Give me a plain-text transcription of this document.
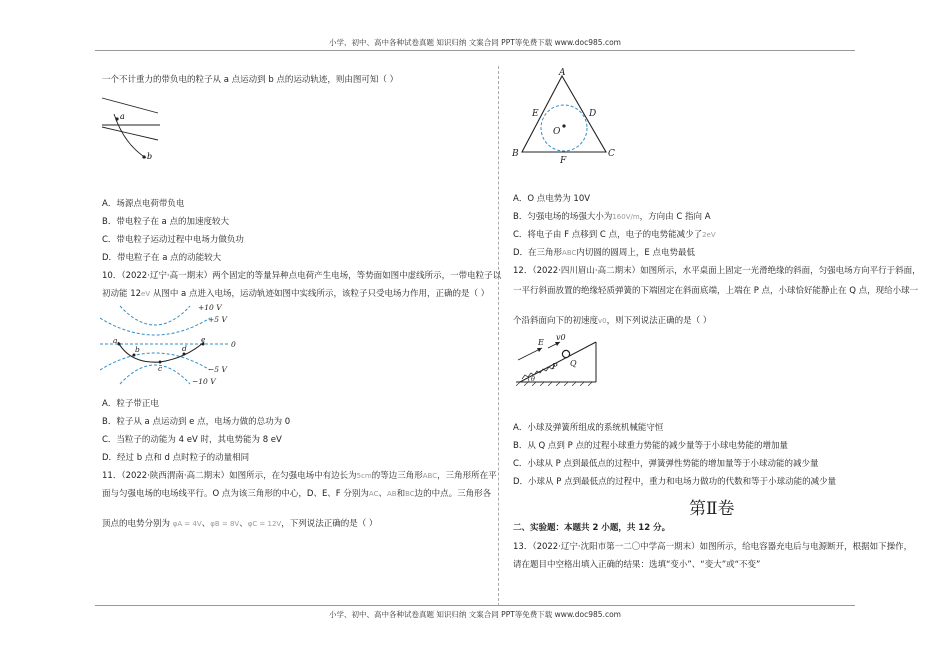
小学、初中、高中各种试卷真题 知识归纳 文案合同 PPT等免费下载 www.doc985.com
小学、初中、高中各种试卷真题 知识归纳 文案合同 PPT等免费下载 www.doc985.com
一个不计重力的带负电的粒子从 a 点运动到 b 点的运动轨迹，则由图可知（ ）
a
b
A．场源点电荷带负电
B．带电粒子在 a 点的加速度较大
C．带电粒子运动过程中电场力做负功
D．带电粒子在 a 点的动能较大
10．（2022·辽宁·高一期末）两个固定的等量异种点电荷产生电场，等势面如图中虚线所示，一带电粒子以
初动能 12eV 从图中 a 点进入电场，运动轨迹如图中实线所示，该粒子只受电场力作用，正确的是（ ）
a
b
c
d
e
+10 V
+5 V
0
−5 V
−10 V
A．粒子带正电
B．粒子从 a 点运动到 e 点，电场力做的总功为 0
C．当粒子的动能为 4 eV 时，其电势能为 8 eV
D．经过 b 点和 d 点时粒子的动量相同
11．（2022·陕西渭南·高二期末）如图所示，在匀强电场中有边长为5cm的等边三角形ABC，三角形所在平
面与匀强电场的电场线平行。O 点为该三角形的中心，D、E、F 分别为AC、AB和BC边的中点。三角形各
顶点的电势分别为 φA = 4V、φB = 8V、φC = 12V，下列说法正确的是（ ）
A
B	C
D
E
F
O
A．O 点电势为 10V
B．匀强电场的场强大小为160V/m，方向由 C 指向 A
C．将电子由 F 点移到 C 点，电子的电势能减少了2eV
D．在三角形ABC内切圆的圆周上，E 点电势最低
12．（2022·四川眉山·高二期末）如图所示，水平桌面上固定一光滑绝缘的斜面，匀强电场方向平行于斜面，
一平行斜面放置的绝缘轻质弹簧的下端固定在斜面底端，上端在 P 点，小球恰好能静止在 Q 点，现给小球一
个沿斜面向下的初速度v0，则下列说法正确的是（ ）
E
v0
Q
P
θ
A．小球及弹簧所组成的系统机械能守恒
B．从 Q 点到 P 点的过程小球重力势能的减少量等于小球电势能的增加量
C．小球从 P 点到最低点的过程中，弹簧弹性势能的增加量等于小球动能的减少量
D．小球从 P 点到最低点的过程中，重力和电场力做功的代数和等于小球动能的减少量
第Ⅱ卷
二、实验题：本题共 2 小题，共 12 分。
13．（2022·辽宁·沈阳市第一二〇中学高一期末）如图所示，给电容器充电后与电源断开，根据如下操作，
请在题目中空格出填入正确的结果：选填“变小”、“变大”或“不变”
